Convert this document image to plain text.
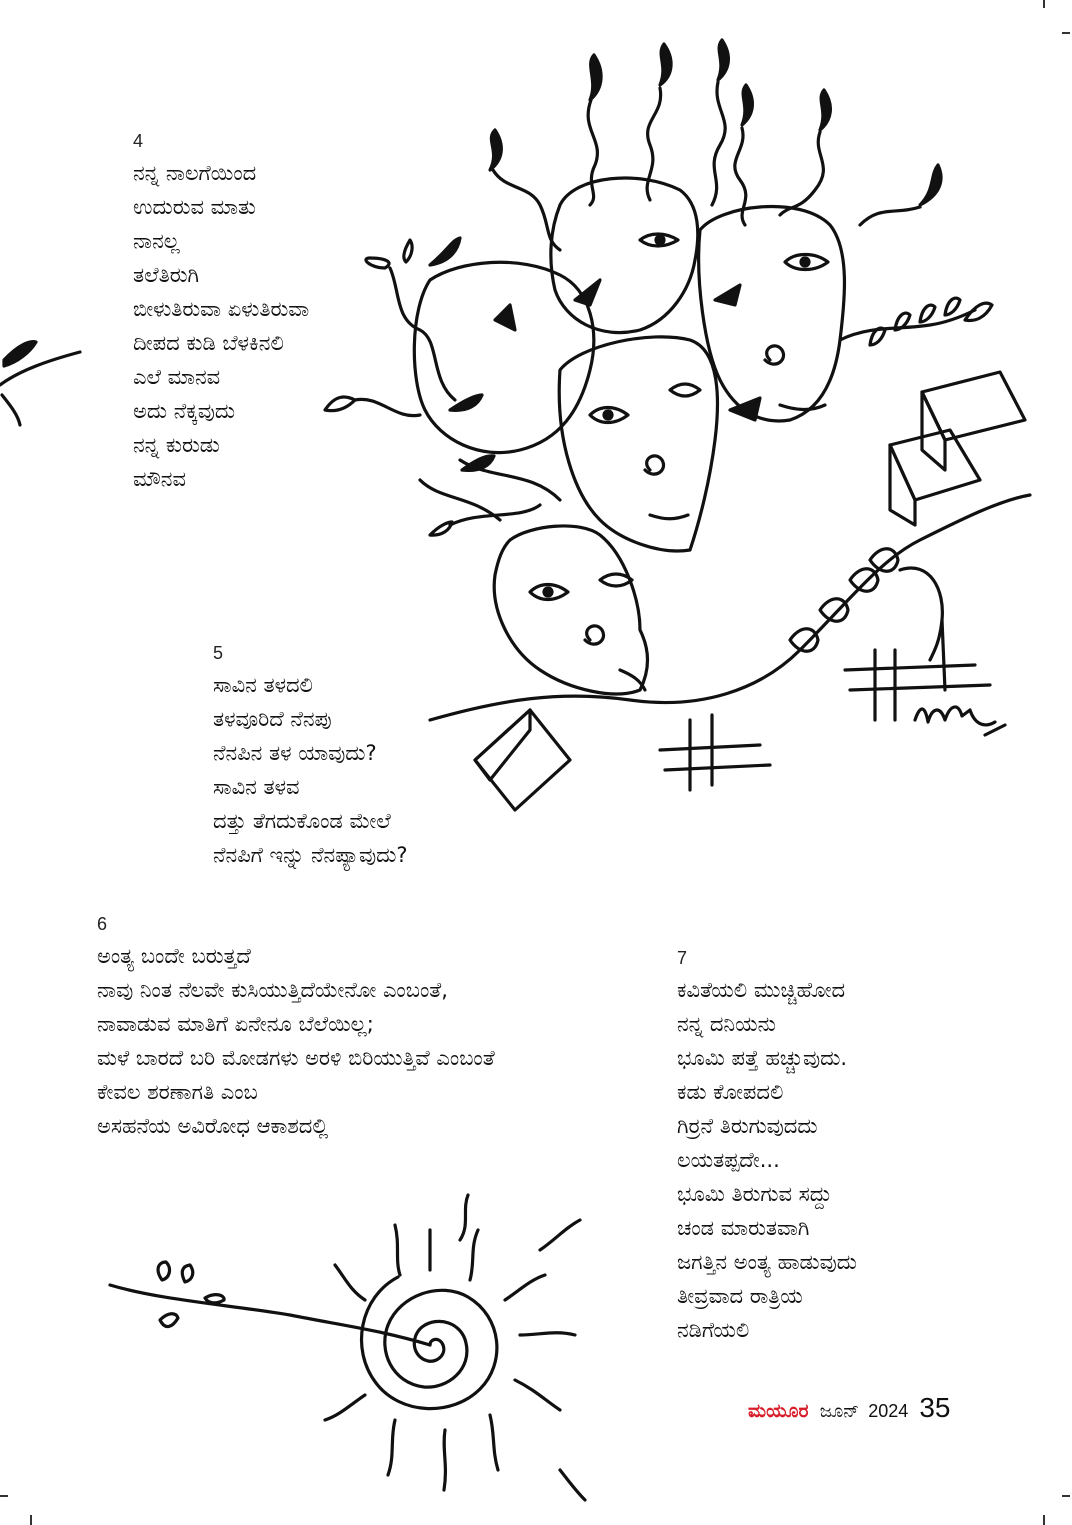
4
ನನ್ನ ನಾಲಗೆಯಿಂದ
ಉದುರುವ ಮಾತು
ನಾನಲ್ಲ
ತಲೆತಿರುಗಿ
ಬೀಳುತಿರುವಾ ಏಳುತಿರುವಾ
ದೀಪದ ಕುಡಿ ಬೆಳಕಿನಲಿ
ಎಲೆ ಮಾನವ
ಅದು ನೆಕ್ಕವುದು
ನನ್ನ ಕುರುಡು
ಮೌನವ
5
ಸಾವಿನ ತಳದಲಿ
ತಳವೂರಿದೆ ನೆನಪು
ನೆನಪಿನ ತಳ ಯಾವುದು?
ಸಾವಿನ ತಳವ
ದತ್ತು ತೆಗದುಕೊಂಡ ಮೇಲೆ
ನೆನಪಿಗೆ ಇನ್ನು ನೆನಪ್ಯಾವುದು?
6
ಅಂತ್ಯ ಬಂದೇ ಬರುತ್ತದೆ
ನಾವು ನಿಂತ ನೆಲವೇ ಕುಸಿಯುತ್ತಿದೆಯೇನೋ ಎಂಬಂತೆ,
ನಾವಾಡುವ ಮಾತಿಗೆ ಏನೇನೂ ಬೆಲೆಯಿಲ್ಲ;
ಮಳೆ ಬಾರದೆ ಬರಿ ಮೋಡಗಳು ಅರಳಿ ಬಿರಿಯುತ್ತಿವೆ ಎಂಬಂತೆ
ಕೇವಲ ಶರಣಾಗತಿ ಎಂಬ
ಅಸಹನೆಯ ಅವಿರೋಧ ಆಕಾಶದಲ್ಲಿ
7
ಕವಿತೆಯಲಿ ಮುಚ್ಚಿಹೋದ
ನನ್ನ ದನಿಯನು
ಭೂಮಿ ಪತ್ತೆ ಹಚ್ಚುವುದು.
ಕಡು ಕೋಪದಲಿ
ಗಿರ್ರನೆ ತಿರುಗುವುದದು
ಲಯತಪ್ಪದೇ...
ಭೂಮಿ ತಿರುಗುವ ಸದ್ದು
ಚಂಡ ಮಾರುತವಾಗಿ
ಜಗತ್ತಿನ ಅಂತ್ಯ ಹಾಡುವುದು
ತೀವ್ರವಾದ ರಾತ್ರಿಯ
ನಡಿಗೆಯಲಿ
ಮಯೂರ ಜೂನ್ 2024 35
